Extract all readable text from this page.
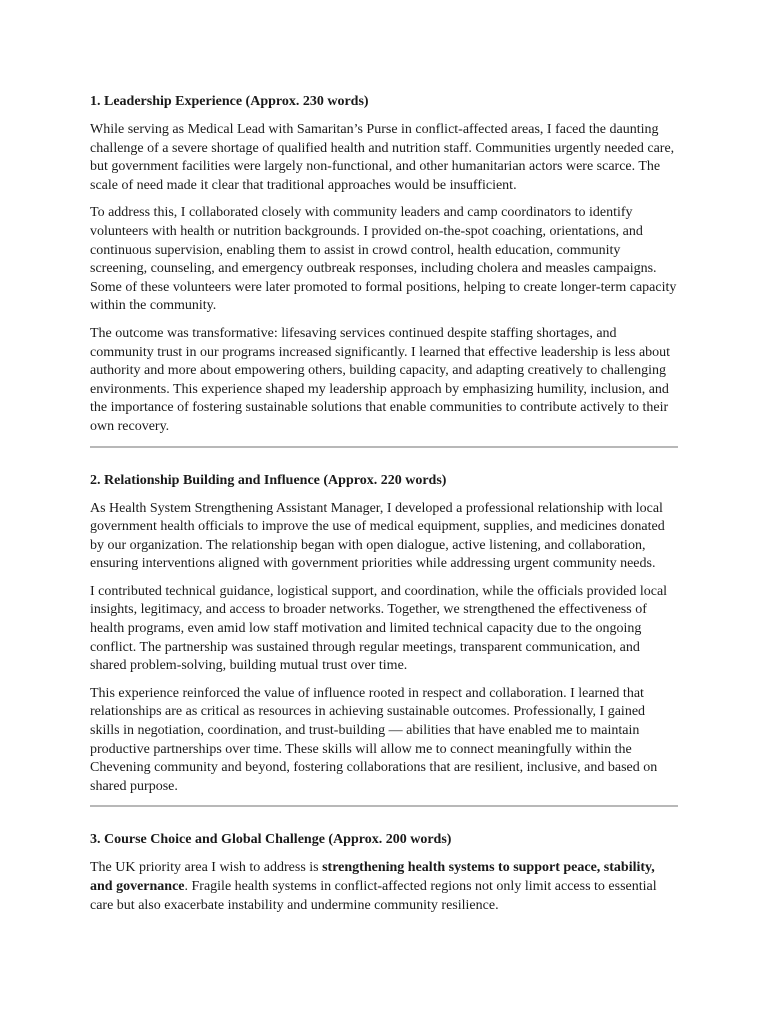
1. Leadership Experience (Approx. 230 words)

While serving as Medical Lead with Samaritan’s Purse in conflict-affected areas, I faced the daunting challenge of a severe shortage of qualified health and nutrition staff. Communities urgently needed care, but government facilities were largely non-functional, and other humanitarian actors were scarce. The scale of need made it clear that traditional approaches would be insufficient.

To address this, I collaborated closely with community leaders and camp coordinators to identify volunteers with health or nutrition backgrounds. I provided on-the-spot coaching, orientations, and continuous supervision, enabling them to assist in crowd control, health education, community screening, counseling, and emergency outbreak responses, including cholera and measles campaigns. Some of these volunteers were later promoted to formal positions, helping to create longer-term capacity within the community.

The outcome was transformative: lifesaving services continued despite staffing shortages, and community trust in our programs increased significantly. I learned that effective leadership is less about authority and more about empowering others, building capacity, and adapting creatively to challenging environments. This experience shaped my leadership approach by emphasizing humility, inclusion, and the importance of fostering sustainable solutions that enable communities to contribute actively to their own recovery.

2. Relationship Building and Influence (Approx. 220 words)

As Health System Strengthening Assistant Manager, I developed a professional relationship with local government health officials to improve the use of medical equipment, supplies, and medicines donated by our organization. The relationship began with open dialogue, active listening, and collaboration, ensuring interventions aligned with government priorities while addressing urgent community needs.

I contributed technical guidance, logistical support, and coordination, while the officials provided local insights, legitimacy, and access to broader networks. Together, we strengthened the effectiveness of health programs, even amid low staff motivation and limited technical capacity due to the ongoing conflict. The partnership was sustained through regular meetings, transparent communication, and shared problem-solving, building mutual trust over time.

This experience reinforced the value of influence rooted in respect and collaboration. I learned that relationships are as critical as resources in achieving sustainable outcomes. Professionally, I gained skills in negotiation, coordination, and trust-building — abilities that have enabled me to maintain productive partnerships over time. These skills will allow me to connect meaningfully within the Chevening community and beyond, fostering collaborations that are resilient, inclusive, and based on shared purpose.

3. Course Choice and Global Challenge (Approx. 200 words)

The UK priority area I wish to address is strengthening health systems to support peace, stability, and governance. Fragile health systems in conflict-affected regions not only limit access to essential care but also exacerbate instability and undermine community resilience.
